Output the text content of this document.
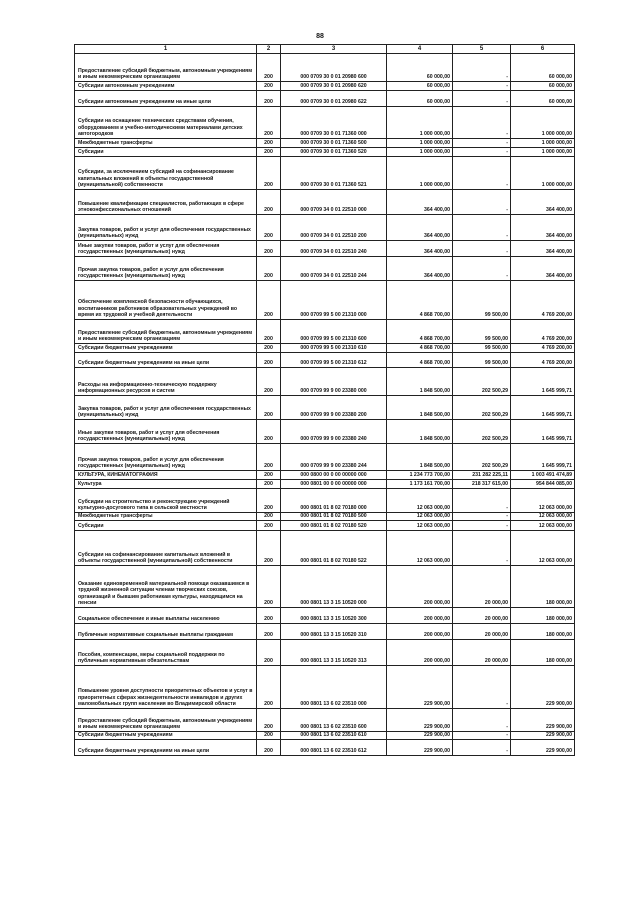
88
1	2	3	4	5	6
Предоставление субсидий бюджетным, автономным учреждениям и иным некоммерческим организациям	200	000 0709 30 0 01 20980 600	60 000,00	-	60 000,00
Субсидии автономным учреждениям	200	000 0709 30 0 01 20980 620	60 000,00	-	60 000,00
Субсидии автономным учреждениям на иные цели	200	000 0709 30 0 01 20980 622	60 000,00	-	60 000,00
Субсидии на оснащение технических средствами обучения, оборудованием и учебно-методическими материалами детских автогородков	200	000 0709 30 0 01 71360 000	1 000 000,00	-	1 000 000,00
Межбюджетные трансферты	200	000 0709 30 0 01 71360 500	1 000 000,00	-	1 000 000,00
Субсидии	200	000 0709 30 0 01 71360 520	1 000 000,00	-	1 000 000,00
Субсидии, за исключением субсидий на софинансирование капитальных вложений в объекты государственной (муниципальной) собственности	200	000 0709 30 0 01 71360 521	1 000 000,00	-	1 000 000,00
Повышение квалификации специалистов, работающих в сфере этноконфессиональных отношений	200	000 0709 34 0 01 22510 000	364 400,00	-	364 400,00
Закупка товаров, работ и услуг для обеспечения государственных (муниципальных) нужд	200	000 0709 34 0 01 22510 200	364 400,00	-	364 400,00
Иные закупки товаров, работ и услуг для обеспечения государственных (муниципальных) нужд	200	000 0709 34 0 01 22510 240	364 400,00	-	364 400,00
Прочая закупка товаров, работ и услуг для обеспечения государственных (муниципальных) нужд	200	000 0709 34 0 01 22510 244	364 400,00	-	364 400,00
Обеспечение комплексной безопасности обучающихся, воспитанников работников образовательных учреждений во время их трудовой и учебной деятельности	200	000 0709 99 5 00 21310 000	4 868 700,00	99 500,00	4 769 200,00
Предоставление субсидий бюджетным, автономным учреждениям и иным некоммерческим организациям	200	000 0709 99 5 00 21310 600	4 868 700,00	99 500,00	4 769 200,00
Субсидии бюджетным учреждениям	200	000 0709 99 5 00 21310 610	4 868 700,00	99 500,00	4 769 200,00
Субсидии бюджетным учреждениям на иные цели	200	000 0709 99 5 00 21310 612	4 868 700,00	99 500,00	4 769 200,00
Расходы на информационно-техническую поддержку информационных ресурсов и систем	200	000 0709 99 9 00 23380 000	1 848 500,00	202 500,29	1 645 999,71
Закупка товаров, работ и услуг для обеспечения государственных (муниципальных) нужд	200	000 0709 99 9 00 23380 200	1 848 500,00	202 500,29	1 645 999,71
Иные закупки товаров, работ и услуг для обеспечения государственных (муниципальных) нужд	200	000 0709 99 9 00 23380 240	1 848 500,00	202 500,29	1 645 999,71
Прочая закупка товаров, работ и услуг для обеспечения государственных (муниципальных) нужд	200	000 0709 99 9 00 23380 244	1 848 500,00	202 500,29	1 645 999,71
КУЛЬТУРА, КИНЕМАТОГРАФИЯ	200	000 0800 00 0 00 00000 000	1 234 773 700,00	231 282 225,11	1 003 491 474,89
Культура	200	000 0801 00 0 00 00000 000	1 173 161 700,00	218 317 615,00	954 844 085,00
Субсидии на строительство и реконструкцию учреждений культурно-досугового типа в сельской местности	200	000 0801 01 8 02 70180 000	12 063 000,00	-	12 063 000,00
Межбюджетные трансферты	200	000 0801 01 8 02 70180 500	12 063 000,00	-	12 063 000,00
Субсидии	200	000 0801 01 8 02 70180 520	12 063 000,00	-	12 063 000,00
Субсидии на софинансирование капитальных вложений в объекты государственной (муниципальной) собственности	200	000 0801 01 8 02 70180 522	12 063 000,00	-	12 063 000,00
Оказание единовременной материальной помощи оказавшимся в трудной жизненной ситуации членам творческих союзов, организаций и бывшим работникам культуры, находящимся на пенсии	200	000 0801 13 3 15 10520 000	200 000,00	20 000,00	180 000,00
Социальное обеспечение и иные выплаты населению	200	000 0801 13 3 15 10520 300	200 000,00	20 000,00	180 000,00
Публичные нормативные социальные выплаты гражданам	200	000 0801 13 3 15 10520 310	200 000,00	20 000,00	180 000,00
Пособия, компенсации, меры социальной поддержки по публичным нормативным обязательствам	200	000 0801 13 3 15 10520 313	200 000,00	20 000,00	180 000,00
Повышение уровня доступности приоритетных объектов и услуг в приоритетных сферах жизнедеятельности инвалидов и других маломобильных групп населения во Владимирской области	200	000 0801 13 6 02 23510 000	229 900,00	-	229 900,00
Предоставление субсидий бюджетным, автономным учреждениям и иным некоммерческим организациям	200	000 0801 13 6 02 23510 600	229 900,00	-	229 900,00
Субсидии бюджетным учреждениям	200	000 0801 13 6 02 23510 610	229 900,00	-	229 900,00
Субсидии бюджетным учреждениям на иные цели	200	000 0801 13 6 02 23510 612	229 900,00	-	229 900,00
